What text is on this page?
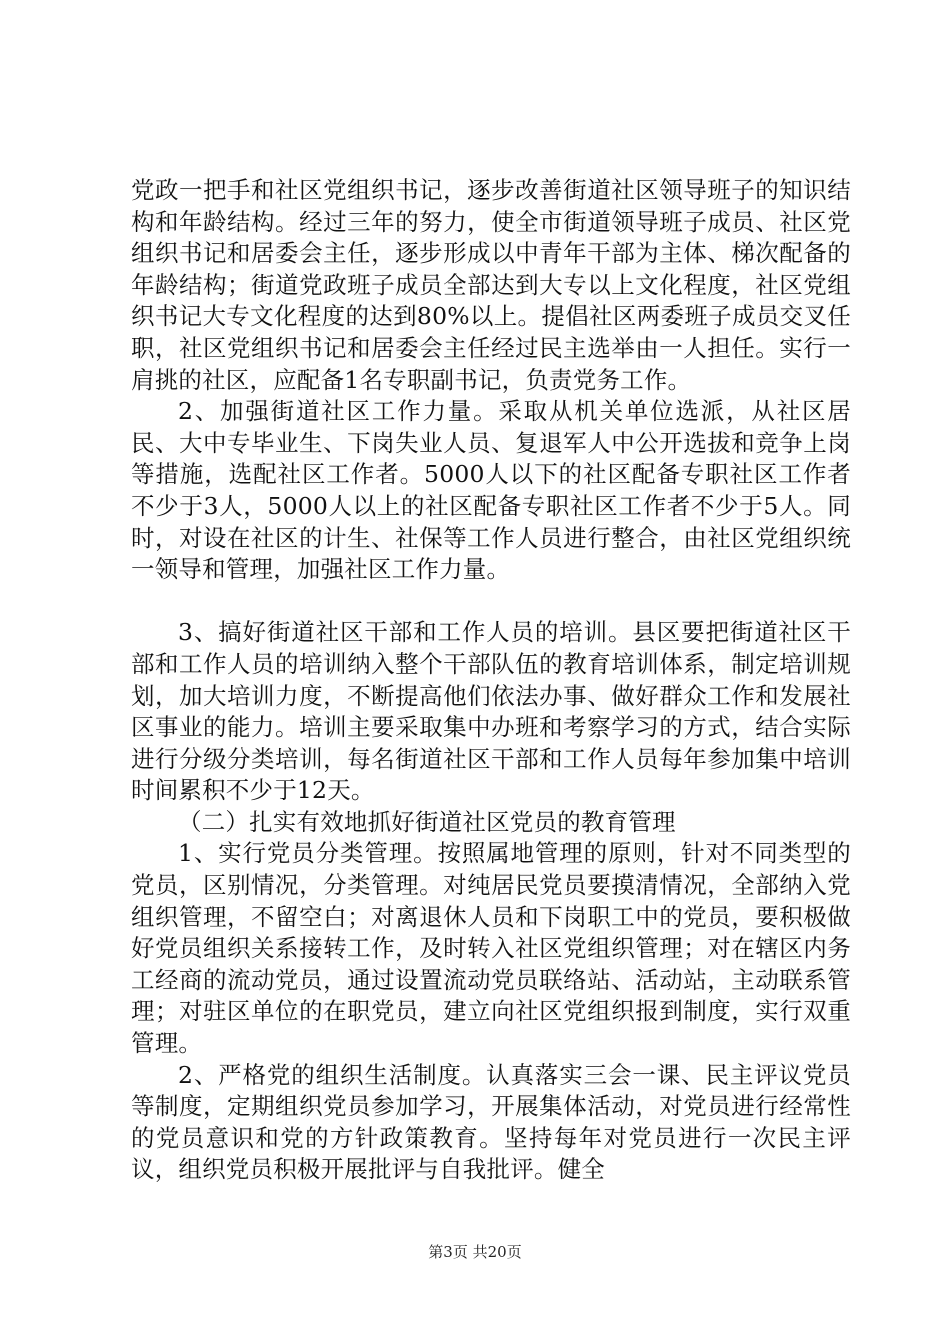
党政一把手和社区党组织书记，逐步改善街道社区领导班子的知识结构和年龄结构。经过三年的努力，使全市街道领导班子成员、社区党组织书记和居委会主任，逐步形成以中青年干部为主体、梯次配备的年龄结构；街道党政班子成员全部达到大专以上文化程度，社区党组织书记大专文化程度的达到80%以上。提倡社区两委班子成员交叉任职，社区党组织书记和居委会主任经过民主选举由一人担任。实行一肩挑的社区，应配备1名专职副书记，负责党务工作。

2、加强街道社区工作力量。采取从机关单位选派，从社区居民、大中专毕业生、下岗失业人员、复退军人中公开选拔和竞争上岗等措施，选配社区工作者。5000人以下的社区配备专职社区工作者不少于3人，5000人以上的社区配备专职社区工作者不少于5人。同时，对设在社区的计生、社保等工作人员进行整合，由社区党组织统一领导和管理，加强社区工作力量。

3、搞好街道社区干部和工作人员的培训。县区要把街道社区干部和工作人员的培训纳入整个干部队伍的教育培训体系，制定培训规划，加大培训力度，不断提高他们依法办事、做好群众工作和发展社区事业的能力。培训主要采取集中办班和考察学习的方式，结合实际进行分级分类培训，每名街道社区干部和工作人员每年参加集中培训时间累积不少于12天。

（二）扎实有效地抓好街道社区党员的教育管理

1、实行党员分类管理。按照属地管理的原则，针对不同类型的党员，区别情况，分类管理。对纯居民党员要摸清情况，全部纳入党组织管理，不留空白；对离退休人员和下岗职工中的党员，要积极做好党员组织关系接转工作，及时转入社区党组织管理；对在辖区内务工经商的流动党员，通过设置流动党员联络站、活动站，主动联系管理；对驻区单位的在职党员，建立向社区党组织报到制度，实行双重管理。

2、严格党的组织生活制度。认真落实三会一课、民主评议党员等制度，定期组织党员参加学习，开展集体活动，对党员进行经常性的党员意识和党的方针政策教育。坚持每年对党员进行一次民主评议，组织党员积极开展批评与自我批评。健全

第3页 共20页
